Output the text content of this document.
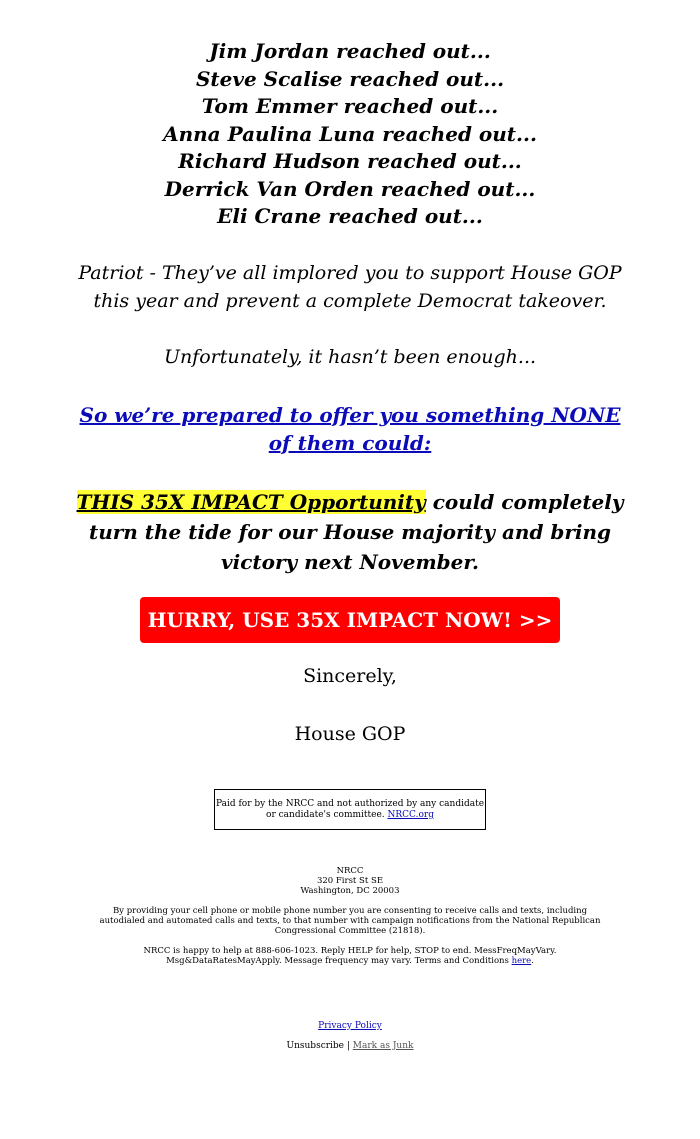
Jim Jordan reached out...
Steve Scalise reached out...
Tom Emmer reached out...
Anna Paulina Luna reached out...
Richard Hudson reached out...
Derrick Van Orden reached out...
Eli Crane reached out...
Patriot - They’ve all implored you to support House GOP this year and prevent a complete Democrat takeover.
Unfortunately, it hasn’t been enough...
So we’re prepared to offer you something NONE of them could:
THIS 35X IMPACT Opportunity could completely turn the tide for our House majority and bring victory next November.
HURRY, USE 35X IMPACT NOW! >>
Sincerely,
House GOP
Paid for by the NRCC and not authorized by any candidate or candidate's committee. NRCC.org
NRCC
320 First St SE
Washington, DC 20003
By providing your cell phone or mobile phone number you are consenting to receive calls and texts, including autodialed and automated calls and texts, to that number with campaign notifications from the National Republican Congressional Committee (21818).
NRCC is happy to help at 888-606-1023. Reply HELP for help, STOP to end. MessFreqMayVary. Msg&DataRatesMayApply. Message frequency may vary. Terms and Conditions here.
Privacy Policy
Unsubscribe | Mark as Junk
